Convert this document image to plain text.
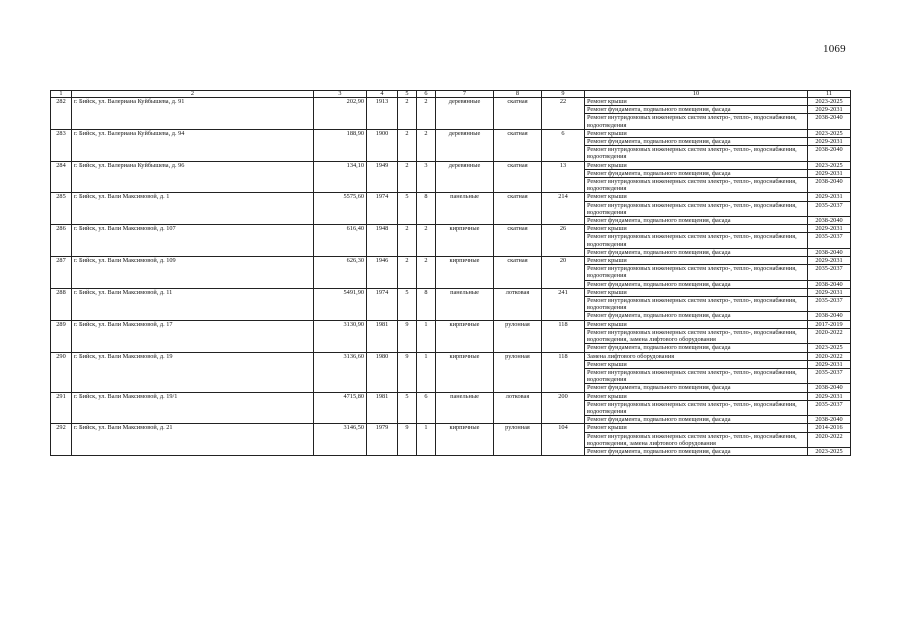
1069
1	2	3	4	5	6	7	8	9	10	11
282	г. Бийск, ул. Валериана Куйбышева, д. 91	202,90	1913	2	2	деревянные	скатная	22	Ремонт крыши	2023-2025
									Ремонт фундамента, подвального помещения, фасада	2029-2031
									Ремонт внутридомовых инженерных систем электро-, тепло-, водоснабжения, водоотведения	2038-2040
283	г. Бийск, ул. Валериана Куйбышева, д. 94	188,90	1900	2	2	деревянные	скатная	6	Ремонт крыши	2023-2025
									Ремонт фундамента, подвального помещения, фасада	2029-2031
									Ремонт внутридомовых инженерных систем электро-, тепло-, водоснабжения, водоотведения	2038-2040
284	г. Бийск, ул. Валериана Куйбышева, д. 96	134,10	1949	2	3	деревянные	скатная	13	Ремонт крыши	2023-2025
									Ремонт фундамента, подвального помещения, фасада	2029-2031
									Ремонт внутридомовых инженерных систем электро-, тепло-, водоснабжения, водоотведения	2038-2040
285	г. Бийск, ул. Вали Максимовой, д. 1	5575,60	1974	5	8	панельные	скатная	214	Ремонт крыши	2029-2031
									Ремонт внутридомовых инженерных систем электро-, тепло-, водоснабжения, водоотведения	2035-2037
									Ремонт фундамента, подвального помещения, фасада	2038-2040
286	г. Бийск, ул. Вали Максимовой, д. 107	616,40	1948	2	2	кирпичные	скатная	26	Ремонт крыши	2029-2031
									Ремонт внутридомовых инженерных систем электро-, тепло-, водоснабжения, водоотведения	2035-2037
									Ремонт фундамента, подвального помещения, фасада	2038-2040
287	г. Бийск, ул. Вали Максимовой, д. 109	626,30	1946	2	2	кирпичные	скатная	20	Ремонт крыши	2029-2031
									Ремонт внутридомовых инженерных систем электро-, тепло-, водоснабжения, водоотведения	2035-2037
									Ремонт фундамента, подвального помещения, фасада	2038-2040
288	г. Бийск, ул. Вали Максимовой, д. 11	5491,90	1974	5	8	панельные	лотковая	241	Ремонт крыши	2029-2031
									Ремонт внутридомовых инженерных систем электро-, тепло-, водоснабжения, водоотведения	2035-2037
									Ремонт фундамента, подвального помещения, фасада	2038-2040
289	г. Бийск, ул. Вали Максимовой, д. 17	3130,90	1981	9	1	кирпичные	рулонная	118	Ремонт крыши	2017-2019
									Ремонт внутридомовых инженерных систем электро-, тепло-, водоснабжения, водоотведения, замена лифтового оборудования	2020-2022
									Ремонт фундамента, подвального помещения, фасада	2023-2025
290	г. Бийск, ул. Вали Максимовой, д. 19	3136,60	1980	9	1	кирпичные	рулонная	118	Замена лифтового оборудования	2020-2022
									Ремонт крыши	2029-2031
									Ремонт внутридомовых инженерных систем электро-, тепло-, водоснабжения, водоотведения	2035-2037
									Ремонт фундамента, подвального помещения, фасада	2038-2040
291	г. Бийск, ул. Вали Максимовой, д. 19/1	4715,80	1981	5	6	панельные	лотковая	200	Ремонт крыши	2029-2031
									Ремонт внутридомовых инженерных систем электро-, тепло-, водоснабжения, водоотведения	2035-2037
									Ремонт фундамента, подвального помещения, фасада	2038-2040
292	г. Бийск, ул. Вали Максимовой, д. 21	3146,50	1979	9	1	кирпичные	рулонная	104	Ремонт крыши	2014-2016
									Ремонт внутридомовых инженерных систем электро-, тепло-, водоснабжения, водоотведения, замена лифтового оборудования	2020-2022
									Ремонт фундамента, подвального помещения, фасада	2023-2025
